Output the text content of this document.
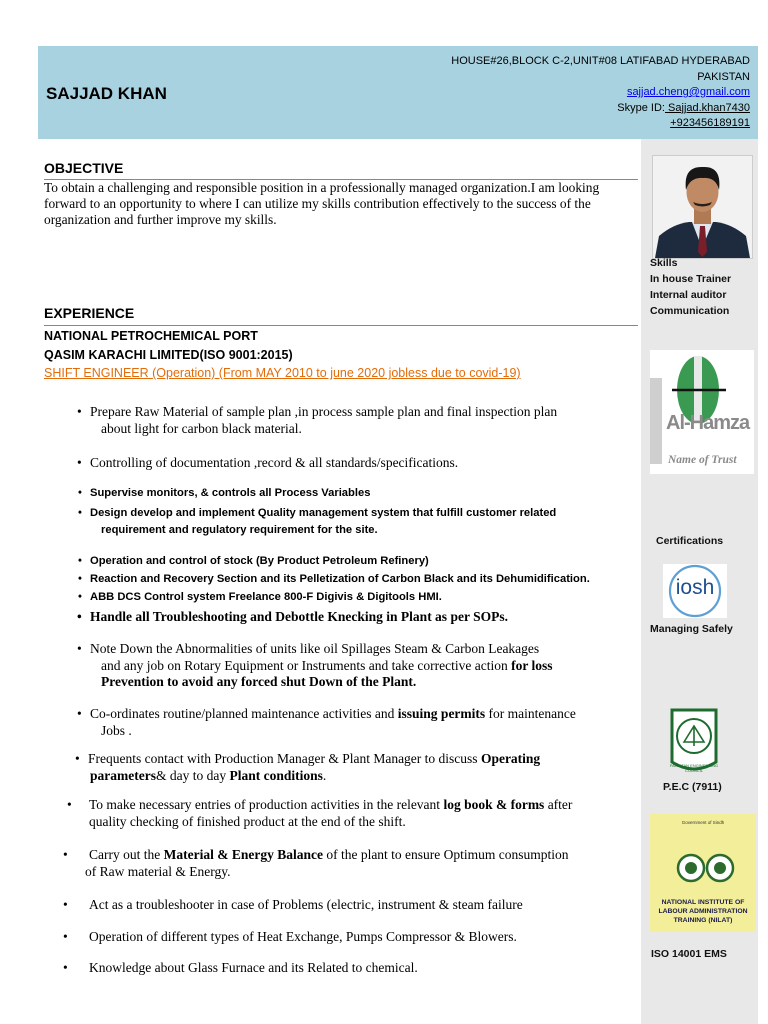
SAJJAD KHAN
HOUSE#26,BLOCK C-2,UNIT#08 LATIFABAD HYDERABAD
PAKISTAN
sajjad.cheng@gmail.com
Skype ID: Sajjad.khan7430
+923456189191
OBJECTIVE
To obtain a challenging and responsible position in a professionally managed organization.I am looking forward to an opportunity to where I can utilize my skills contribution effectively to the success of the organization and further improve my skills.
EXPERIENCE
NATIONAL PETROCHEMICAL PORT
QASIM KARACHI LIMITED(ISO 9001:2015)
SHIFT ENGINEER (Operation) (From MAY 2010 to june 2020 jobless due to covid-19)
• Prepare Raw Material of sample plan ,in process sample plan and final inspection plan
about light for carbon black material.
• Controlling of documentation ,record & all standards/specifications.
• Supervise monitors, & controls all Process Variables
• Design develop and implement Quality management system that fulfill customer related
requirement and regulatory requirement for the site.
• Operation and control of stock (By Product Petroleum Refinery)
• Reaction and Recovery Section and its Pelletization of Carbon Black and its Dehumidification.
• ABB DCS Control system Freelance 800-F Digivis & Digitools HMI.
• Handle all Troubleshooting and Debottle Knecking in Plant as per SOPs.
• Note Down the Abnormalities of units like oil Spillages Steam & Carbon Leakages
and any job on Rotary Equipment or Instruments and take corrective action for loss
Prevention to avoid any forced shut Down of the Plant.
• Co-ordinates routine/planned maintenance activities and issuing permits for maintenance
Jobs .
• Frequents contact with Production Manager & Plant Manager to discuss Operating
parameters& day to day Plant conditions.
• To make necessary entries of production activities in the relevant log book & forms after
quality checking of finished product at the end of the shift.
• Carry out the Material & Energy Balance of the plant to ensure Optimum consumption
of Raw material & Energy.
• Act as a troubleshooter in case of Problems (electric, instrument & steam failure
• Operation of different types of Heat Exchange, Pumps Compressor & Blowers.
• Knowledge about Glass Furnace and its Related to chemical.
Skills
In house Trainer
Internal auditor
Communication
Al-Hamza
Name of Trust
Certifications
iosh
Managing Safely
PAKISTAN ENGINEERING COUNCIL
P.E.C (7911)
Government of Sindh
NATIONAL INSTITUTE OF LABOUR ADMINISTRATION TRAINING (NILAT)
ISO 14001 EMS
